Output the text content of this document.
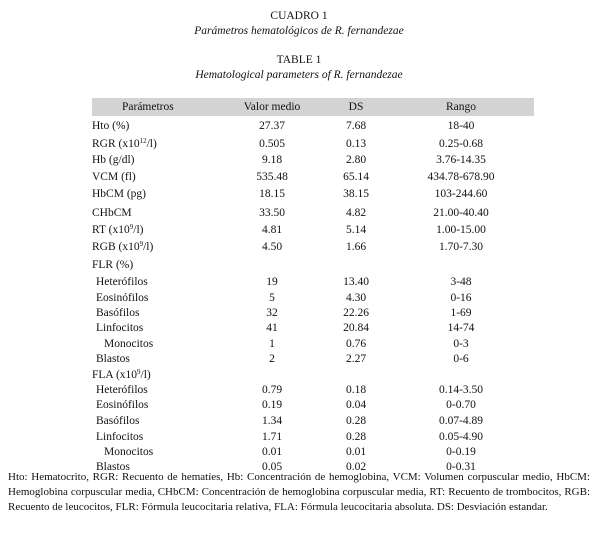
CUADRO 1
Parámetros hematológicos de R. fernandezae
TABLE 1
Hematological parameters of R. fernandezae
Parámetros	Valor medio	DS	Rango
Hto (%)	27.37	7.68	18-40
RGR $(x10^{12}/l)$	0.505	0.13	0.25-0.68
Hb (g/dl)	9.18	2.80	3.76-14.35
VCM (fl)	535.48	65.14	434.78-678.90
HbCM (pg)	18.15	38.15	103-244.60
CHbCM	33.50	4.82	21.00-40.40
RT $(x10^9/l)$	4.81	5.14	1.00-15.00
RGB $(x10^9/l)$	4.50	1.66	1.70-7.30
FLR (%)
Heterófilos	19	13.40	3-48
Eosinófilos	5	4.30	0-16
Basófilos	32	22.26	1-69
Linfocitos	41	20.84	14-74
Monocitos	1	0.76	0-3
Blastos	2	2.27	0-6
FLA $(x10^9/l)$
Heterófilos	0.79	0.18	0.14-3.50
Eosinófilos	0.19	0.04	0-0.70
Basófilos	1.34	0.28	0.07-4.89
Linfocitos	1.71	0.28	0.05-4.90
Monocitos	0.01	0.01	0-0.19
Blastos	0.05	0.02	0-0.31
Hto: Hematocrito, RGR: Recuento de hematíes, Hb: Concentración de hemoglobina, VCM: Volumen corpuscular medio, HbCM: Hemoglobina corpuscular media, CHbCM: Concentración de hemoglobina corpuscular media, RT: Recuento de trombocitos, RGB: Recuento de leucocitos, FLR: Fórmula leucocitaria relativa, FLA: Fórmula leucocitaria absoluta. DS: Desviación estandar.
